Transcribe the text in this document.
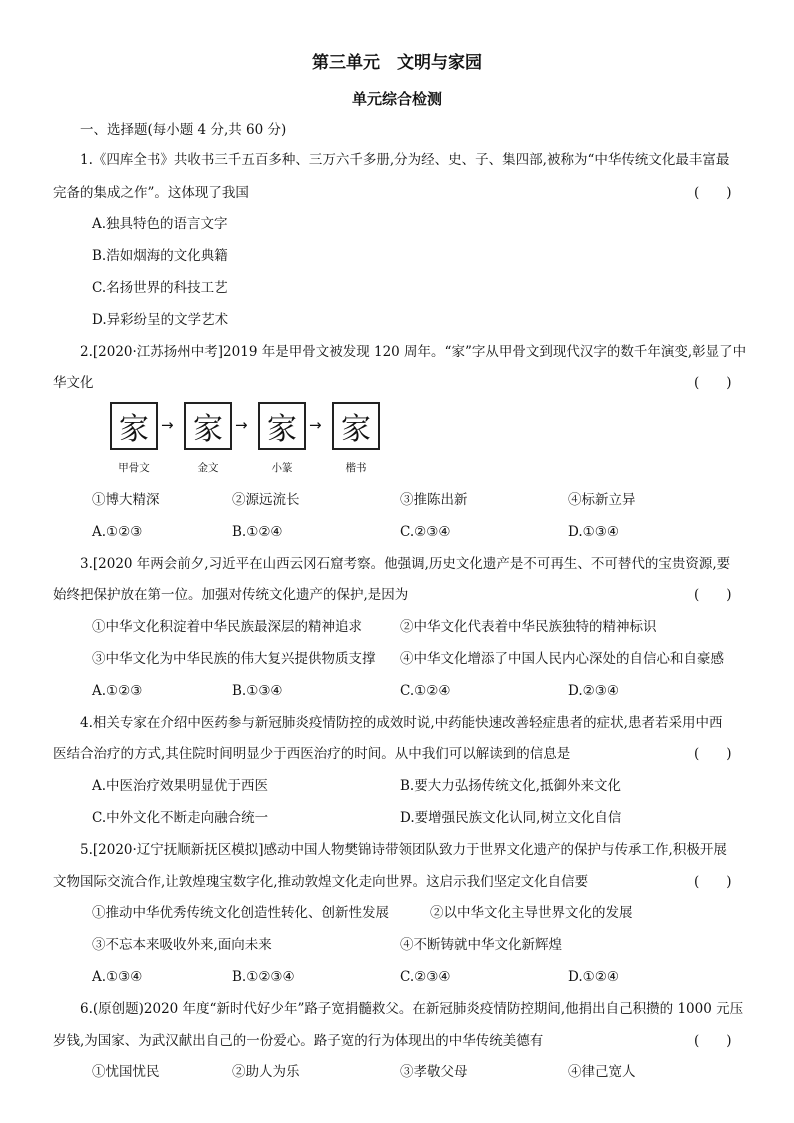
第三单元　文明与家园
单元综合检测
一、选择题(每小题 4 分,共 60 分)
1.《四库全书》共收书三千五百多种、三万六千多册,分为经、史、子、集四部,被称为“中华传统文化最丰富最
完备的集成之作”。这体现了我国	(　　)
A.独具特色的语言文字
B.浩如烟海的文化典籍
C.名扬世界的科技工艺
D.异彩纷呈的文学艺术
2.[2020·江苏扬州中考]2019 年是甲骨文被发现 120 周年。“家”字从甲骨文到现代汉字的数千年演变,彰显了中
华文化	(　　)
家 → 家 → 家 → 家
甲骨文	金文	小篆	楷书
①博大精深	②源远流长	③推陈出新	④标新立异
A.①②③	B.①②④	C.②③④	D.①③④
3.[2020 年两会前夕,习近平在山西云冈石窟考察。他强调,历史文化遗产是不可再生、不可替代的宝贵资源,要
始终把保护放在第一位。加强对传统文化遗产的保护,是因为	(　　)
①中华文化积淀着中华民族最深层的精神追求	②中华文化代表着中华民族独特的精神标识
③中华文化为中华民族的伟大复兴提供物质支撑 ④中华文化增添了中国人民内心深处的自信心和自豪感
A.①②③	B.①③④	C.①②④	D.②③④
4.相关专家在介绍中医药参与新冠肺炎疫情防控的成效时说,中药能快速改善轻症患者的症状,患者若采用中西
医结合治疗的方式,其住院时间明显少于西医治疗的时间。从中我们可以解读到的信息是	(　　)
A.中医治疗效果明显优于西医	B.要大力弘扬传统文化,抵御外来文化
C.中外文化不断走向融合统一	D.要增强民族文化认同,树立文化自信
5.[2020·辽宁抚顺新抚区模拟]感动中国人物樊锦诗带领团队致力于世界文化遗产的保护与传承工作,积极开展
文物国际交流合作,让敦煌瑰宝数字化,推动敦煌文化走向世界。这启示我们坚定文化自信要	(　　)
①推动中华优秀传统文化创造性转化、创新性发展	②以中华文化主导世界文化的发展
③不忘本来吸收外来,面向未来	④不断铸就中华文化新辉煌
A.①③④	B.①②③④	C.②③④	D.①②④
6.(原创题)2020 年度“新时代好少年”路子宽捐髓救父。在新冠肺炎疫情防控期间,他捐出自己积攒的 1000 元压
岁钱,为国家、为武汉献出自己的一份爱心。路子宽的行为体现出的中华传统美德有	(　　)
①忧国忧民	②助人为乐	③孝敬父母	④律己宽人
